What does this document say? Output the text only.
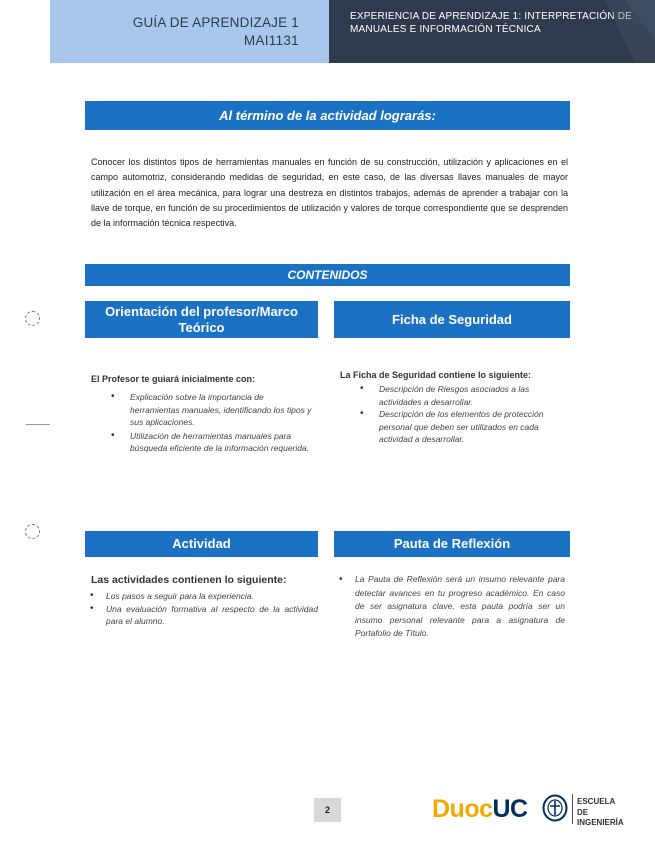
GUÍA DE APRENDIZAJE 1
MAI1131
EXPERIENCIA DE APRENDIZAJE 1: INTERPRETACIÓN DE MANUALES E INFORMACIÓN TÉCNICA
Al término de la actividad lograrás:

Conocer los distintos tipos de herramientas manuales en función de su construcción, utilización y aplicaciones en el campo automotriz, considerando medidas de seguridad, en este caso, de las diversas llaves manuales de mayor utilización en el área mecánica, para lograr una destreza en distintos trabajos, además de aprender a trabajar con la llave de torque, en función de su procedimientos de utilización y valores de torque correspondiente que se desprenden de la información técnica respectiva.

CONTENIDOS
Orientación del profesor/Marco Teórico
El Profesor te guiará inicialmente con:
• Explicación sobre la importancia de herramientas manuales, identificando los tipos y sus aplicaciones.
• Utilización de herramientas manuales para búsqueda eficiente de la información requerida.
Ficha de Seguridad
La Ficha de Seguridad contiene lo siguiente:
• Descripción de Riesgos asociados a las actividades a desarrollar.
• Descripción de los elementos de protección personal que deben ser utilizados en cada actividad a desarrollar.
Actividad
Las actividades contienen lo siguiente:
• Los pasos a seguir para la experiencia.
• Una evaluación formativa al respecto de la actividad para el alumno.
Pauta de Reflexión
• La Pauta de Reflexión será un insumo relevante para detectar avances en tu progreso académico. En caso de ser asignatura clave, esta pauta podría ser un insumo personal relevante para a asignatura de Portafolio de Título.
2	DuocUC	ESCUELA DE
INGENIERÍA
